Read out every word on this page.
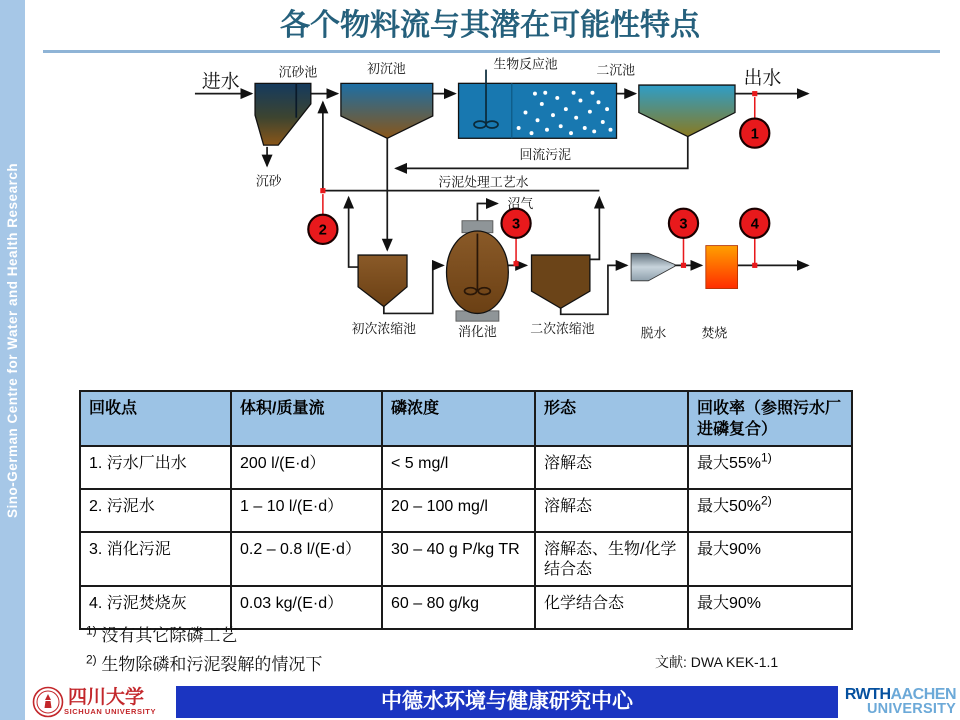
Sino-German Centre for Water and Health Research
各个物料流与其潜在可能性特点
1
2	3	3	4
进水	沉砂池	初沉池	生物反应池	二沉池	出水
沉砂
回流污泥
污泥处理工艺水
沼气
初次浓缩池	消化池 二次浓缩池	脱水 焚烧
回收点	体积/质量流	磷浓度	形态	回收率（参照污水厂进磷复合）
1. 污水厂出水	200 l/(E·d）	< 5 mg/l	溶解态	最大55%$^{1)}$
2. 污泥水	1 – 10 l/(E·d）	20 – 100 mg/l	溶解态	最大50%$^{2)}$
3. 消化污泥	0.2 – 0.8 l/(E·d）	30 – 40 g P/kg TR	溶解态、生物/化学结合态	最大90%
4. 污泥焚烧灰	0.03 kg/(E·d）	60 – 80 g/kg	化学结合态	最大90%
$^{1)}$ 没有其它除磷工艺
$^{2)}$ 生物除磷和污泥裂解的情况下	文献: DWA KEK-1.1
四川大学
SICHUAN UNIVERSITY	中德水环境与健康研究中心	RWTHAACHEN
UNIVERSITY
